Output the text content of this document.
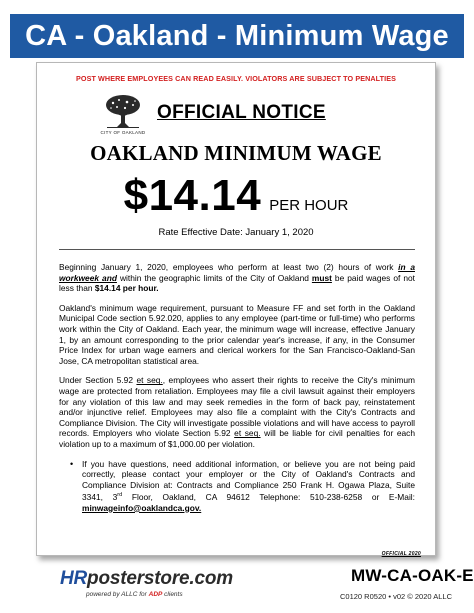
CA - Oakland - Minimum Wage
POST WHERE EMPLOYEES CAN READ EASILY. VIOLATORS ARE SUBJECT TO PENALTIES
CITY OF OAKLAND
OFFICIAL NOTICE
OAKLAND MINIMUM WAGE
$14.14 PER HOUR
Rate Effective Date: January 1, 2020

Beginning January 1, 2020, employees who perform at least two (2) hours of work in a workweek and within the geographic limits of the City of Oakland must be paid wages of not less than $14.14 per hour.

Oakland's minimum wage requirement, pursuant to Measure FF and set forth in the Oakland Municipal Code section 5.92.020, applies to any employee (part-time or full-time) who performs work within the City of Oakland. Each year, the minimum wage will increase, effective January 1, by an amount corresponding to the prior calendar year's increase, if any, in the Consumer Price Index for urban wage earners and clerical workers for the San Francisco-Oakland-San Jose, CA metropolitan statistical area.

Under Section 5.92 et seq., employees who assert their rights to receive the City's minimum wage are protected from retaliation. Employees may file a civil lawsuit against their employers for any violation of this law and may seek remedies in the form of back pay, reinstatement and/or injunctive relief. Employees may also file a complaint with the City's Contracts and Compliance Division. The City will investigate possible violations and will have access to payroll records. Employers who violate Section 5.92 et seq. will be liable for civil penalties for each violation up to a maximum of $1,000.00 per violation.

• If you have questions, need additional information, or believe you are not being paid correctly, please contact your employer or the City of Oakland's Contracts and Compliance Division at: Contracts and Compliance 250 Frank H. Ogawa Plaza, Suite 3341, 3rd Floor, Oakland, CA 94612 Telephone: 510-238-6258 or E-Mail: minwageinfo@oaklandca.gov.
OFFICIAL 2020
HRposterstore.com
powered by ALLC for ADP clients
MW-CA-OAK-E
C0120 R0520 • v02 © 2020 ALLC
